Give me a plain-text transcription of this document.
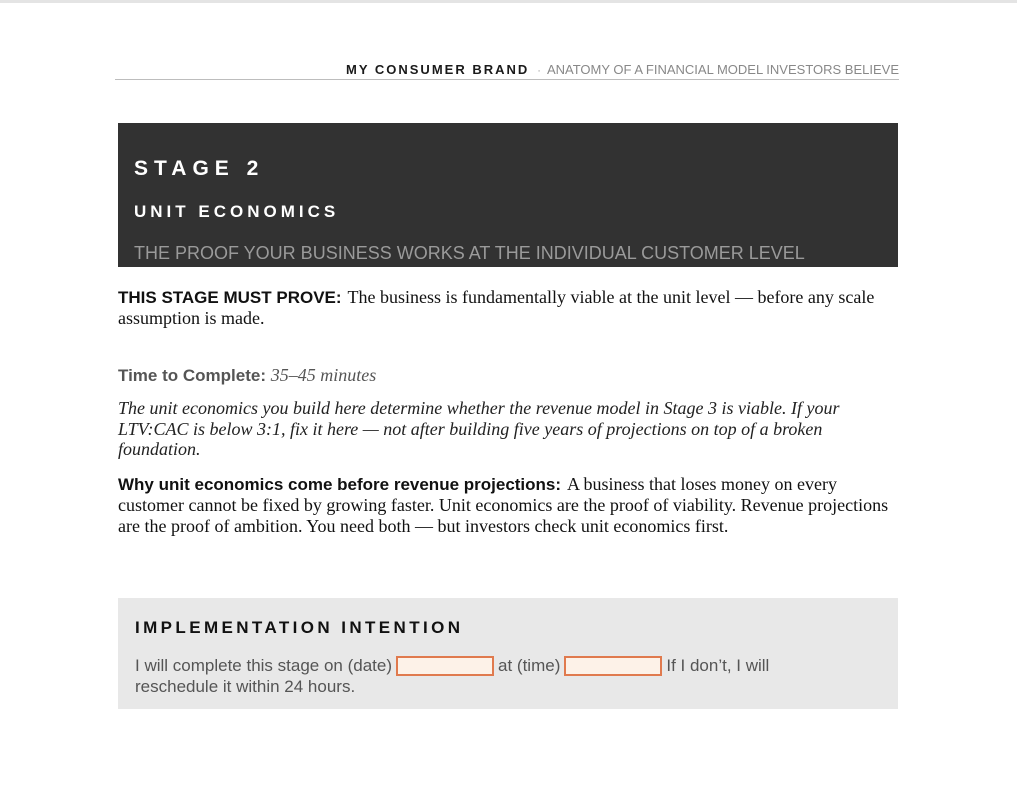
MY CONSUMER BRAND · ANATOMY OF A FINANCIAL MODEL INVESTORS BELIEVE
STAGE 2
UNIT ECONOMICS
THE PROOF YOUR BUSINESS WORKS AT THE INDIVIDUAL CUSTOMER LEVEL
THIS STAGE MUST PROVE: The business is fundamentally viable at the unit level — before any scale assumption is made.
Time to Complete: 35–45 minutes
The unit economics you build here determine whether the revenue model in Stage 3 is viable. If your LTV:CAC is below 3:1, fix it here — not after building five years of projections on top of a broken foundation.
Why unit economics come before revenue projections: A business that loses money on every customer cannot be fixed by growing faster. Unit economics are the proof of viability. Revenue projections are the proof of ambition. You need both — but investors check unit economics first.
IMPLEMENTATION INTENTION
I will complete this stage on (date)	at (time)	If I don’t, I will reschedule it within 24 hours.
